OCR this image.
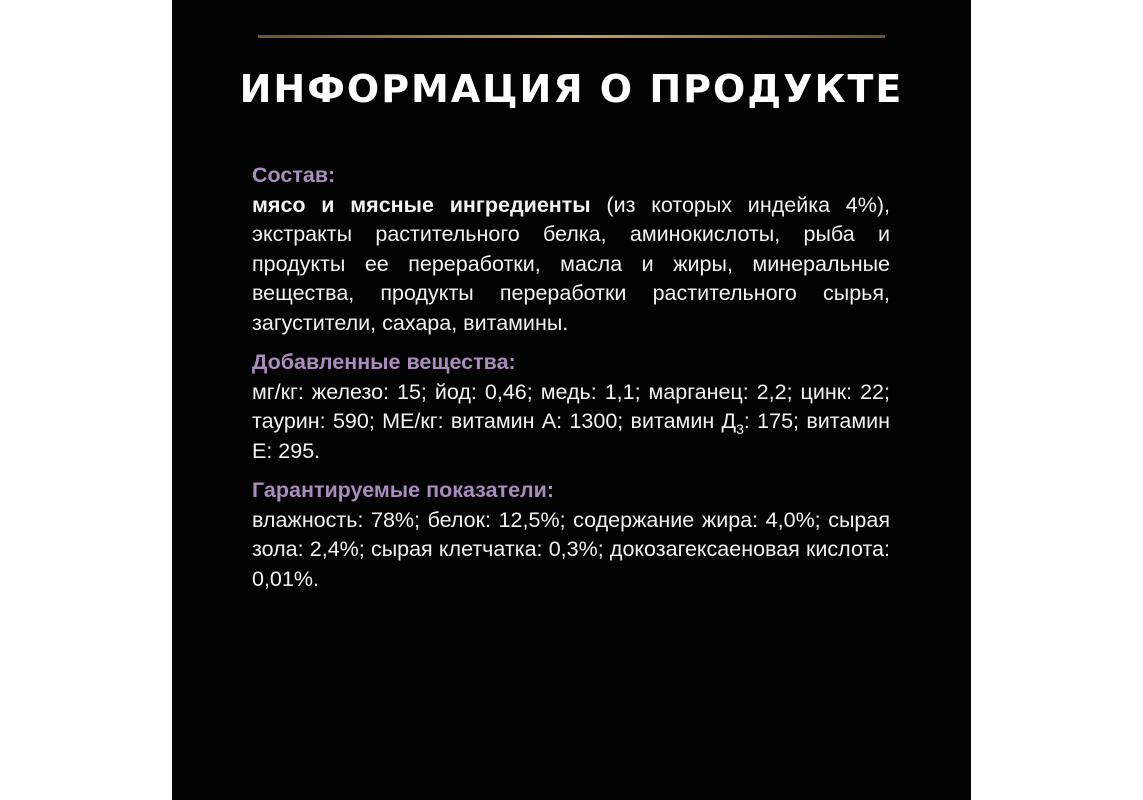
ИНФОРМАЦИЯ О ПРОДУКТЕ
Состав:
мясо и мясные ингредиенты (из которых индейка 4%), экстракты растительного белка, аминокислоты, рыба и продукты ее переработки, масла и жиры, минеральные вещества, продукты переработки растительного сырья, загустители, сахара, витамины.
Добавленные вещества:
мг/кг: железо: 15; йод: 0,46; медь: 1,1; марганец: 2,2; цинк: 22; таурин: 590; МЕ/кг: витамин А: 1300; витамин $Д_3$: 175; витамин Е: 295.
Гарантируемые показатели:
влажность: 78%; белок: 12,5%; содержание жира: 4,0%; сырая зола: 2,4%; сырая клетчатка: 0,3%; докозагексаеновая кислота: 0,01%.
